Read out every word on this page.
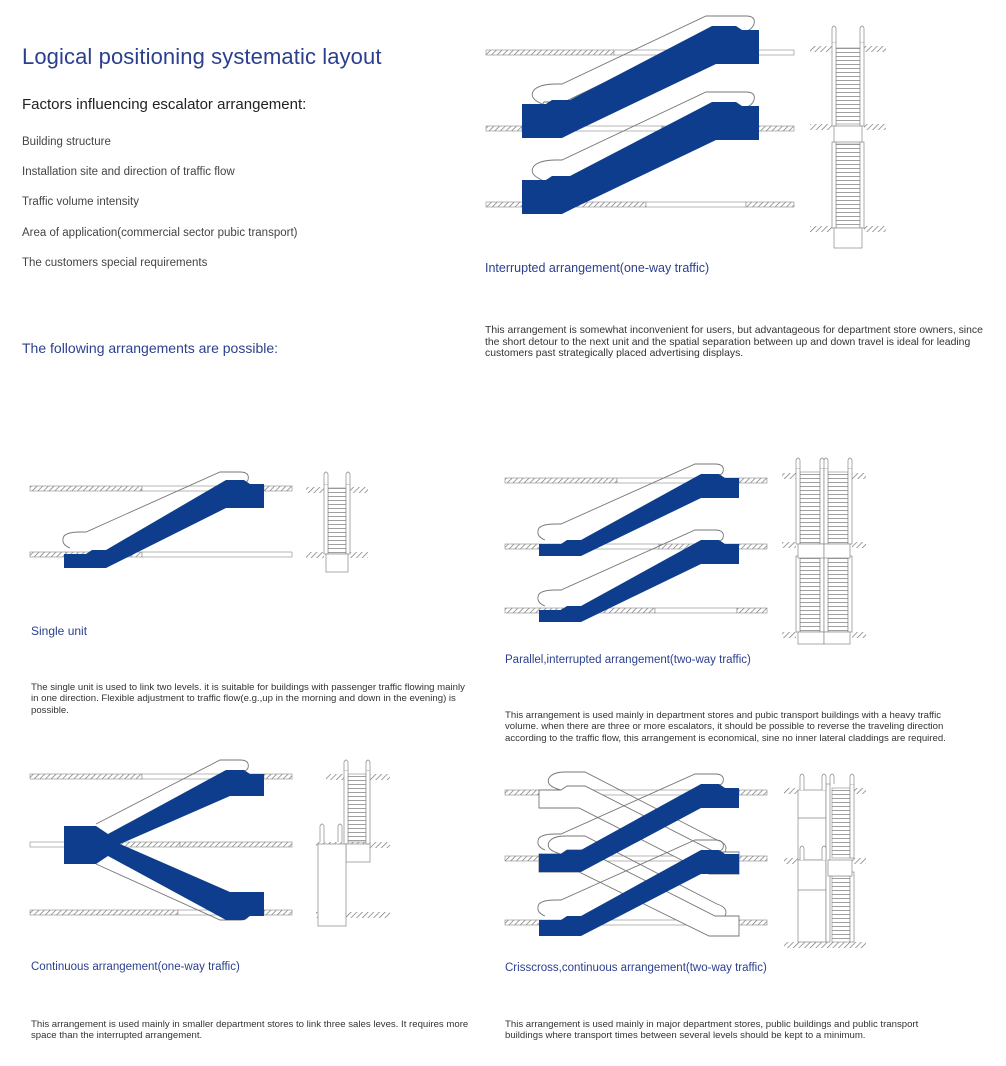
Logical positioning systematic layout
Factors influencing escalator arrangement:
Building structure
Installation site and direction of traffic flow
Traffic volume intensity
Area of application(commercial sector pubic transport)
The customers special requirements
The following arrangements are possible:
Interrupted arrangement(one-way traffic)
This arrangement is somewhat inconvenient for users, but advantageous for department store owners, since the short detour to the next unit and the spatial separation between up and down travel is ideal for leading customers past strategically placed advertising displays.
Single unit
The single unit is used to link two levels. it is suitable for buildings with passenger traffic flowing mainly in one direction. Flexible adjustment to traffic flow(e.g.,up in the morning and down in the evening) is possible.
Parallel,interrupted arrangement(two-way traffic)
This arrangement is used mainly in department stores and pubic transport buildings with a heavy traffic volume. when there are three or more escalators, it should be possible to reverse the traveling direction according to the traffic flow, this arrangement is economical, sine no inner lateral claddings are required.
Continuous arrangement(one-way traffic)
This arrangement is used mainly in smaller department stores to link three sales leves. It requires more space than the interrupted arrangement.
Crisscross,continuous arrangement(two-way traffic)
This arrangement is used mainly in major department stores, public buildings and public transport buildings where transport times between several levels should be kept to a minimum.
